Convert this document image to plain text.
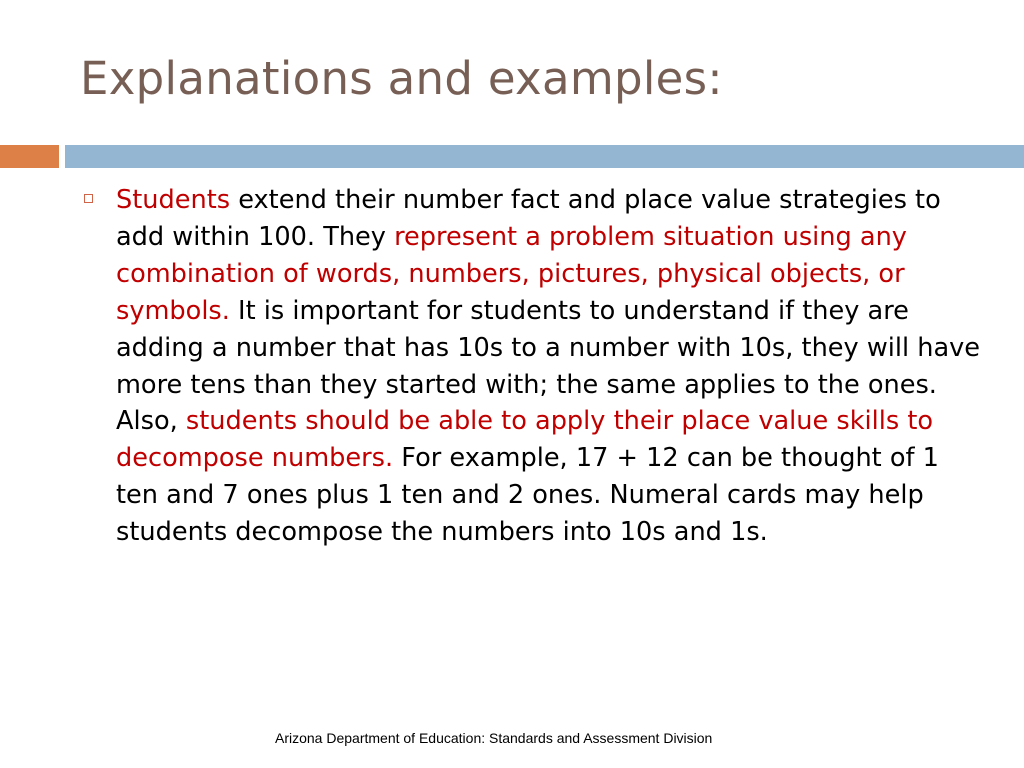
Explanations and examples:
Students extend their number fact and place value strategies to add within 100. They represent a problem situation using any combination of words, numbers, pictures, physical objects, or symbols. It is important for students to understand if they are adding a number that has 10s to a number with 10s, they will have more tens than they started with; the same applies to the ones.  Also, students should be able to apply their place value skills to decompose numbers. For example, 17 + 12 can be thought of 1 ten and 7 ones plus 1 ten and 2 ones. Numeral cards may help students decompose the numbers into 10s and 1s.
Arizona Department of Education: Standards and Assessment Division
